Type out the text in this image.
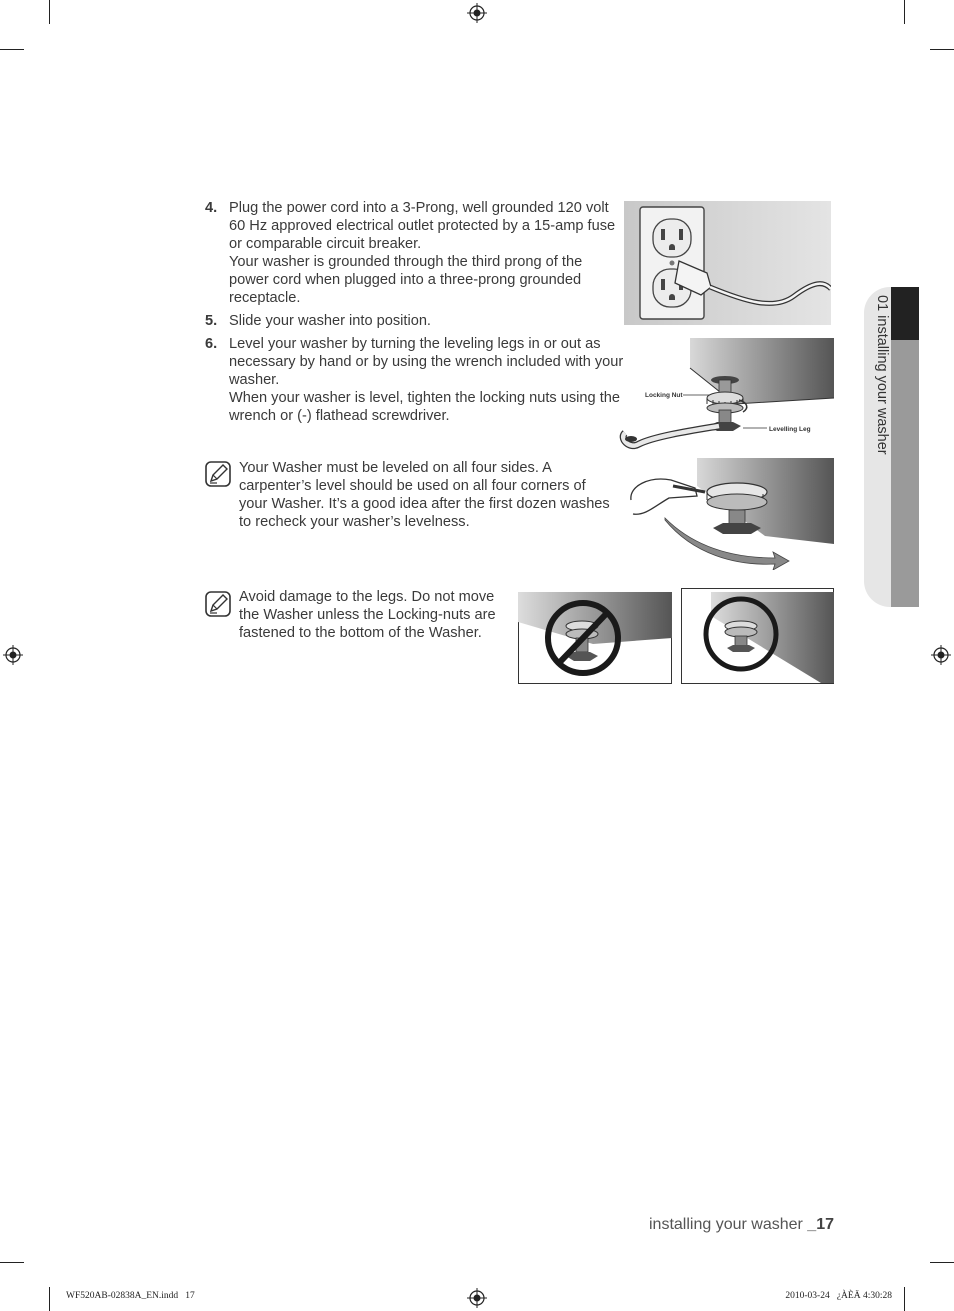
4. Plug the power cord into a 3-Prong, well grounded 120 volt 60 Hz approved electrical outlet protected by a 15-amp fuse or comparable circuit breaker.
Your washer is grounded through the third prong of the power cord when plugged into a three-prong grounded receptacle.
5. Slide your washer into position.
6. Level your washer by turning the leveling legs in or out as necessary by hand or by using the wrench included with your washer.
When your washer is level, tighten the locking nuts using the wrench or (-) flathead screwdriver.
Your Washer must be leveled on all four sides. A carpenter’s level should be used on all four corners of your Washer. It’s a good idea after the first dozen washes to recheck your washer’s levelness.
Avoid damage to the legs. Do not move the Washer unless the Locking-nuts are fastened to the bottom of the Washer.
Locking Nut
Levelling Leg	01 installing your washer
installing your washer _17
WF520AB-02838A_EN.indd   17	2010-03-24   ¿ÀÈÄ 4:30:28
